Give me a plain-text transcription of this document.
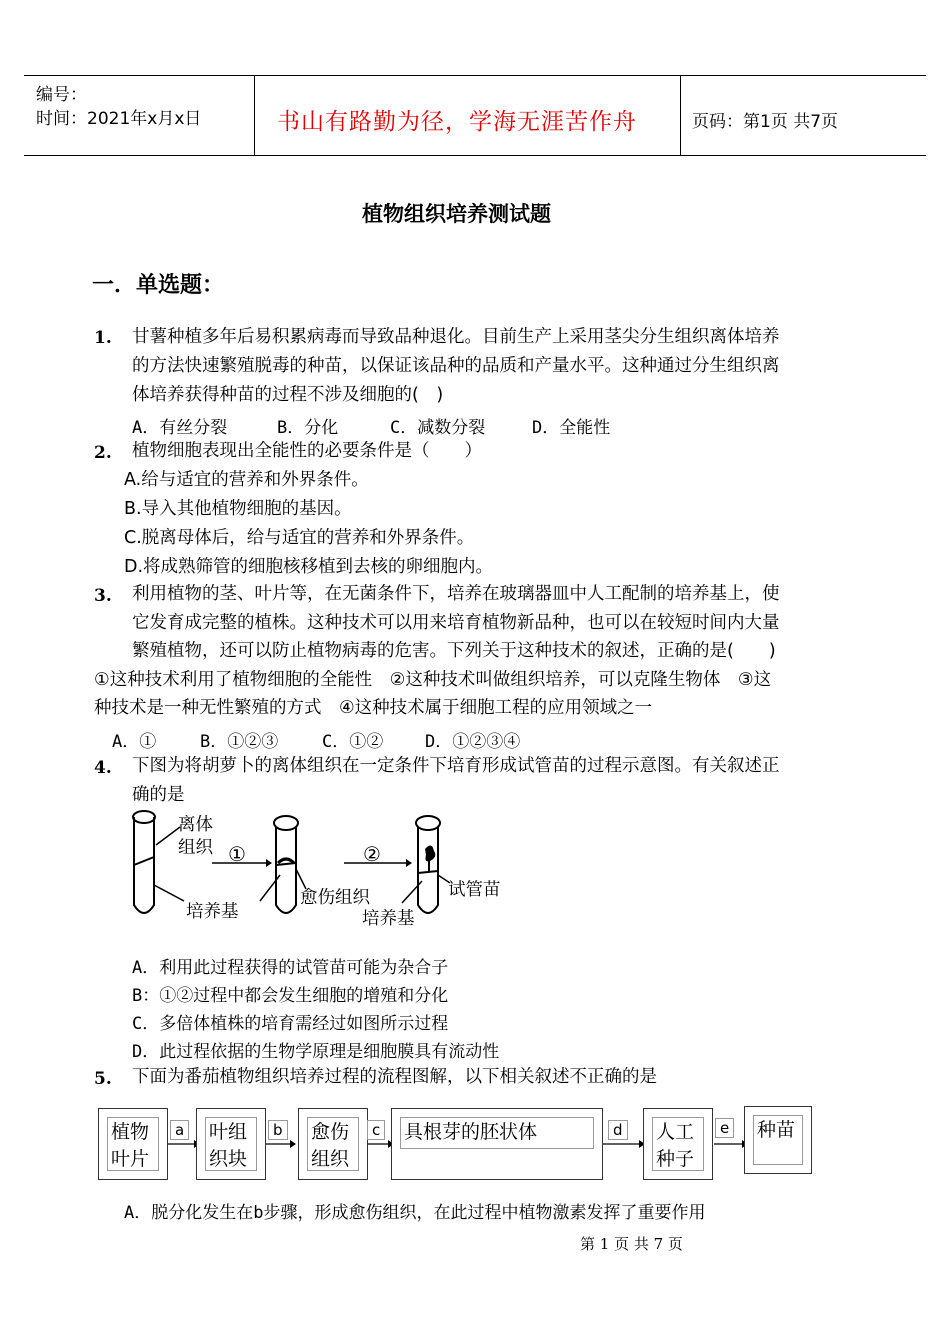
编号：
时间：2021年x月x日	书山有路勤为径，学海无涯苦作舟	页码：第1页 共7页
植物组织培养测试题
一．单选题：
1. 甘薯种植多年后易积累病毒而导致品种退化。目前生产上采用茎尖分生组织离体培养
的方法快速繁殖脱毒的种苗，以保证该品种的品质和产量水平。这种通过分生组织离
体培养获得种苗的过程不涉及细胞的(　)
A．有丝分裂	B．分化	C．减数分裂	D．全能性
2. 植物细胞表现出全能性的必要条件是（　　）
A.给与适宜的营养和外界条件。
B.导入其他植物细胞的基因。
C.脱离母体后，给与适宜的营养和外界条件。
D.将成熟筛管的细胞核移植到去核的卵细胞内。
3. 利用植物的茎、叶片等，在无菌条件下，培养在玻璃器皿中人工配制的培养基上，使
它发育成完整的植株。这种技术可以用来培育植物新品种，也可以在较短时间内大量
繁殖植物，还可以防止植物病毒的危害。下列关于这种技术的叙述，正确的是(　　)
①这种技术利用了植物细胞的全能性　②这种技术叫做组织培养，可以克隆生物体　③这
种技术是一种无性繁殖的方式　④这种技术属于细胞工程的应用领域之一
A．①	B．①②③	C．①② D．①②③④
4. 下图为将胡萝卜的离体组织在一定条件下培育形成试管苗的过程示意图。有关叙述正
确的是
离体
组织 ①	②
培养基
愈伤组织	试管苗
培养基
A．利用此过程获得的试管苗可能为杂合子
B：①②过程中都会发生细胞的增殖和分化
C．多倍体植株的培育需经过如图所示过程
D．此过程依据的生物学原理是细胞膜具有流动性
5. 下面为番茄植物组织培养过程的流程图解，以下相关叙述不正确的是
植物
叶片
叶组
织块
愈伤
组织
具根芽的胚状体	人工
种子
种苗
a	b	c	d	e
A．脱分化发生在b步骤，形成愈伤组织，在此过程中植物激素发挥了重要作用
第 1 页 共 7 页
